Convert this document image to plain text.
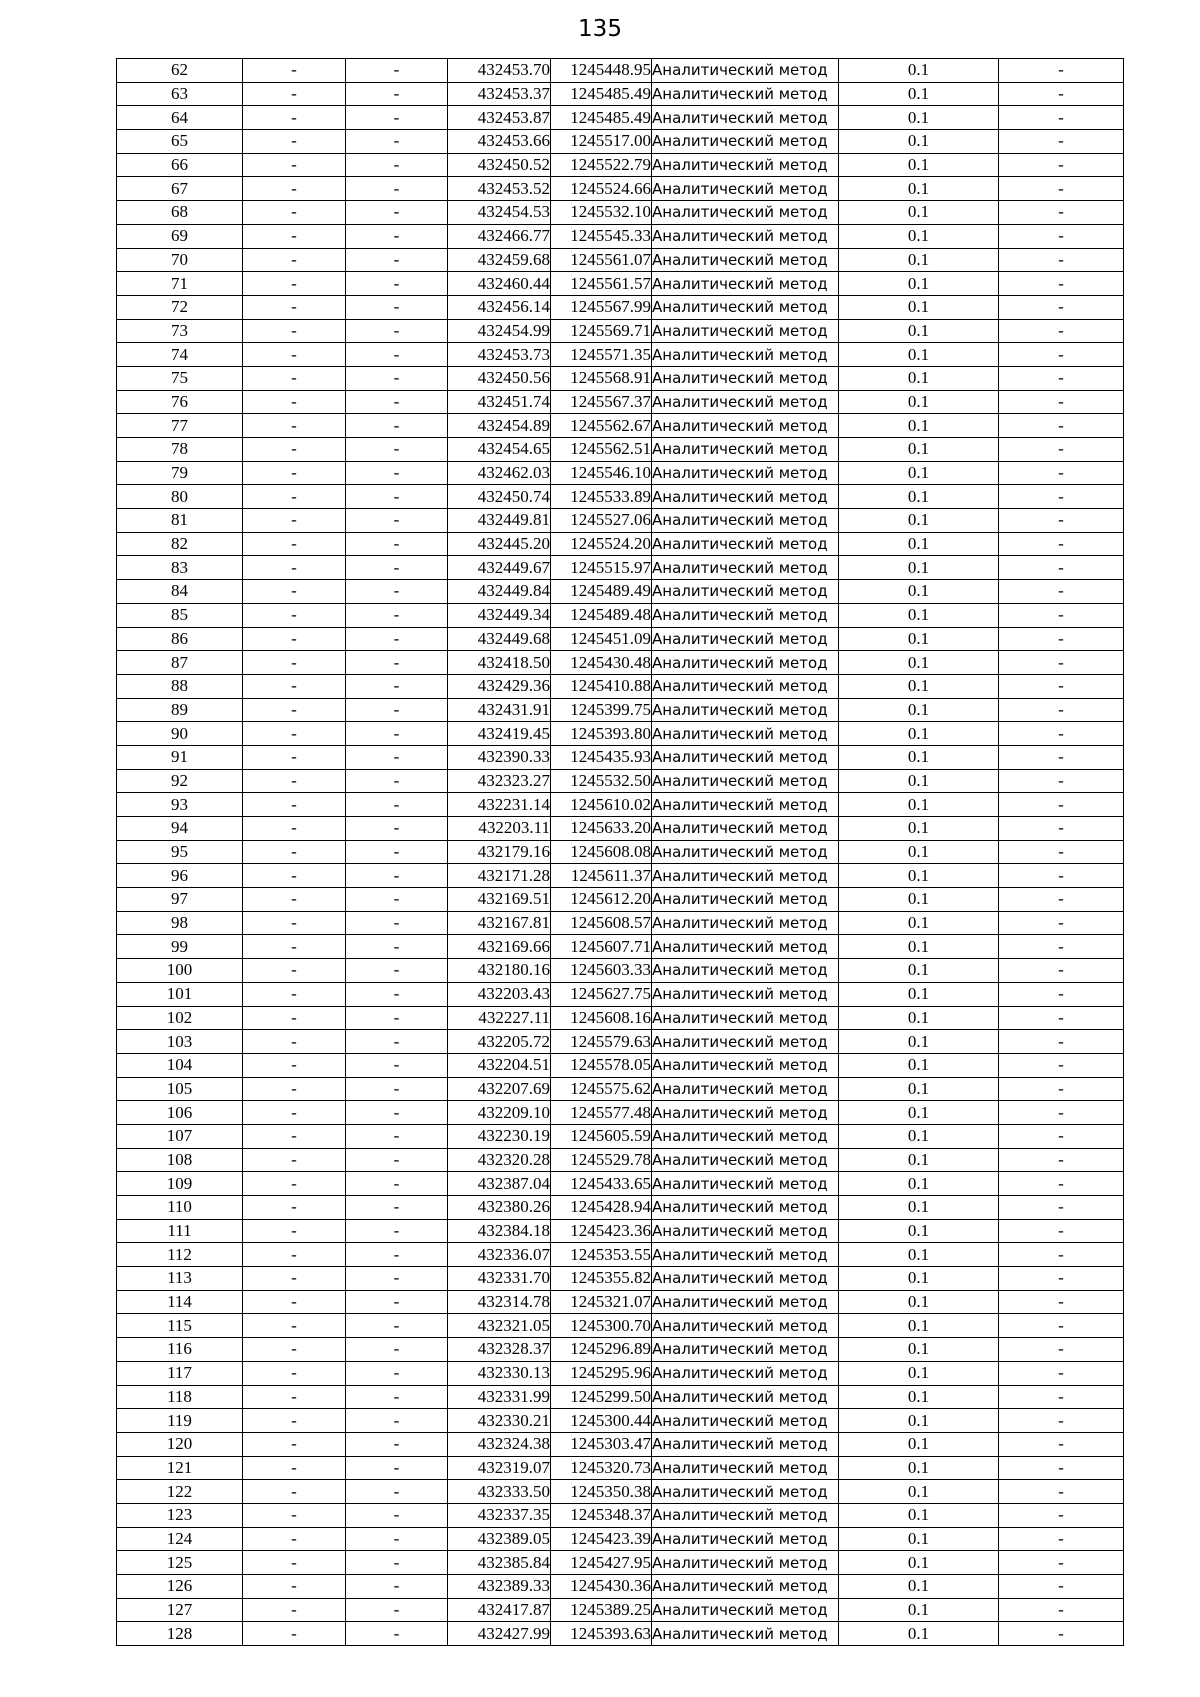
135
62	-	-	432453.70	1245448.95	Аналитический метод	0.1	-
63	-	-	432453.37	1245485.49	Аналитический метод	0.1	-
64	-	-	432453.87	1245485.49	Аналитический метод	0.1	-
65	-	-	432453.66	1245517.00	Аналитический метод	0.1	-
66	-	-	432450.52	1245522.79	Аналитический метод	0.1	-
67	-	-	432453.52	1245524.66	Аналитический метод	0.1	-
68	-	-	432454.53	1245532.10	Аналитический метод	0.1	-
69	-	-	432466.77	1245545.33	Аналитический метод	0.1	-
70	-	-	432459.68	1245561.07	Аналитический метод	0.1	-
71	-	-	432460.44	1245561.57	Аналитический метод	0.1	-
72	-	-	432456.14	1245567.99	Аналитический метод	0.1	-
73	-	-	432454.99	1245569.71	Аналитический метод	0.1	-
74	-	-	432453.73	1245571.35	Аналитический метод	0.1	-
75	-	-	432450.56	1245568.91	Аналитический метод	0.1	-
76	-	-	432451.74	1245567.37	Аналитический метод	0.1	-
77	-	-	432454.89	1245562.67	Аналитический метод	0.1	-
78	-	-	432454.65	1245562.51	Аналитический метод	0.1	-
79	-	-	432462.03	1245546.10	Аналитический метод	0.1	-
80	-	-	432450.74	1245533.89	Аналитический метод	0.1	-
81	-	-	432449.81	1245527.06	Аналитический метод	0.1	-
82	-	-	432445.20	1245524.20	Аналитический метод	0.1	-
83	-	-	432449.67	1245515.97	Аналитический метод	0.1	-
84	-	-	432449.84	1245489.49	Аналитический метод	0.1	-
85	-	-	432449.34	1245489.48	Аналитический метод	0.1	-
86	-	-	432449.68	1245451.09	Аналитический метод	0.1	-
87	-	-	432418.50	1245430.48	Аналитический метод	0.1	-
88	-	-	432429.36	1245410.88	Аналитический метод	0.1	-
89	-	-	432431.91	1245399.75	Аналитический метод	0.1	-
90	-	-	432419.45	1245393.80	Аналитический метод	0.1	-
91	-	-	432390.33	1245435.93	Аналитический метод	0.1	-
92	-	-	432323.27	1245532.50	Аналитический метод	0.1	-
93	-	-	432231.14	1245610.02	Аналитический метод	0.1	-
94	-	-	432203.11	1245633.20	Аналитический метод	0.1	-
95	-	-	432179.16	1245608.08	Аналитический метод	0.1	-
96	-	-	432171.28	1245611.37	Аналитический метод	0.1	-
97	-	-	432169.51	1245612.20	Аналитический метод	0.1	-
98	-	-	432167.81	1245608.57	Аналитический метод	0.1	-
99	-	-	432169.66	1245607.71	Аналитический метод	0.1	-
100	-	-	432180.16	1245603.33	Аналитический метод	0.1	-
101	-	-	432203.43	1245627.75	Аналитический метод	0.1	-
102	-	-	432227.11	1245608.16	Аналитический метод	0.1	-
103	-	-	432205.72	1245579.63	Аналитический метод	0.1	-
104	-	-	432204.51	1245578.05	Аналитический метод	0.1	-
105	-	-	432207.69	1245575.62	Аналитический метод	0.1	-
106	-	-	432209.10	1245577.48	Аналитический метод	0.1	-
107	-	-	432230.19	1245605.59	Аналитический метод	0.1	-
108	-	-	432320.28	1245529.78	Аналитический метод	0.1	-
109	-	-	432387.04	1245433.65	Аналитический метод	0.1	-
110	-	-	432380.26	1245428.94	Аналитический метод	0.1	-
111	-	-	432384.18	1245423.36	Аналитический метод	0.1	-
112	-	-	432336.07	1245353.55	Аналитический метод	0.1	-
113	-	-	432331.70	1245355.82	Аналитический метод	0.1	-
114	-	-	432314.78	1245321.07	Аналитический метод	0.1	-
115	-	-	432321.05	1245300.70	Аналитический метод	0.1	-
116	-	-	432328.37	1245296.89	Аналитический метод	0.1	-
117	-	-	432330.13	1245295.96	Аналитический метод	0.1	-
118	-	-	432331.99	1245299.50	Аналитический метод	0.1	-
119	-	-	432330.21	1245300.44	Аналитический метод	0.1	-
120	-	-	432324.38	1245303.47	Аналитический метод	0.1	-
121	-	-	432319.07	1245320.73	Аналитический метод	0.1	-
122	-	-	432333.50	1245350.38	Аналитический метод	0.1	-
123	-	-	432337.35	1245348.37	Аналитический метод	0.1	-
124	-	-	432389.05	1245423.39	Аналитический метод	0.1	-
125	-	-	432385.84	1245427.95	Аналитический метод	0.1	-
126	-	-	432389.33	1245430.36	Аналитический метод	0.1	-
127	-	-	432417.87	1245389.25	Аналитический метод	0.1	-
128	-	-	432427.99	1245393.63	Аналитический метод	0.1	-
